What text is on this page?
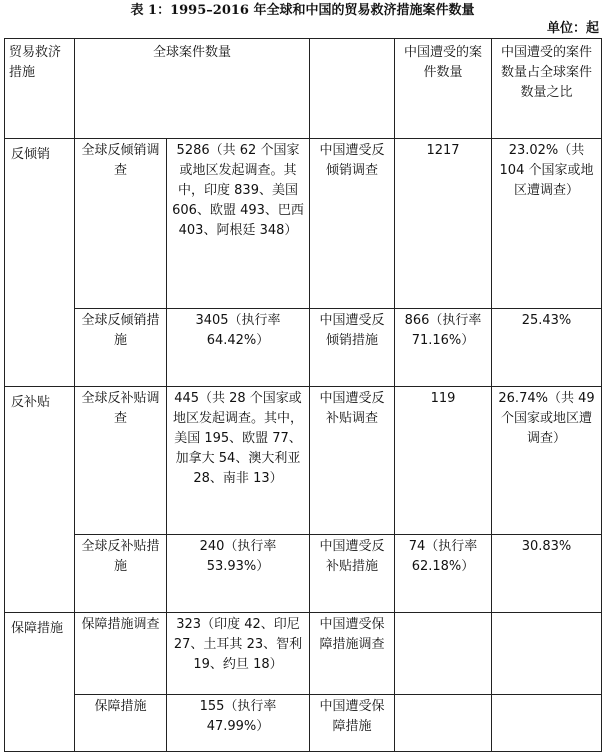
表 1：1995–2016 年全球和中国的贸易救济措施案件数量
单位：起
贸易救济措施	全球案件数量			中国遭受的案件数量	中国遭受的案件数量占全球案件数量之比
反倾销	全球反倾销调查	5286（共 62 个国家或地区发起调查。其中，印度 839、美国 606、欧盟 493、巴西 403、阿根廷 348）	中国遭受反倾销调查	1217	23.02%（共 104 个国家或地区遭调查）
	全球反倾销措施	3405（执行率 64.42%）	中国遭受反倾销措施	866（执行率 71.16%）	25.43%
反补贴	全球反补贴调查	445（共 28 个国家或地区发起调查。其中，美国 195、欧盟 77、加拿大 54、澳大利亚 28、南非 13）	中国遭受反补贴调查	119	26.74%（共 49 个国家或地区遭调查）
	全球反补贴措施	240（执行率 53.93%）	中国遭受反补贴措施	74（执行率 62.18%）	30.83%
保障措施	保障措施调查	323（印度 42、印尼 27、土耳其 23、智利 19、约旦 18）	中国遭受保障措施调查		
	保障措施	155（执行率 47.99%）	中国遭受保障措施		
